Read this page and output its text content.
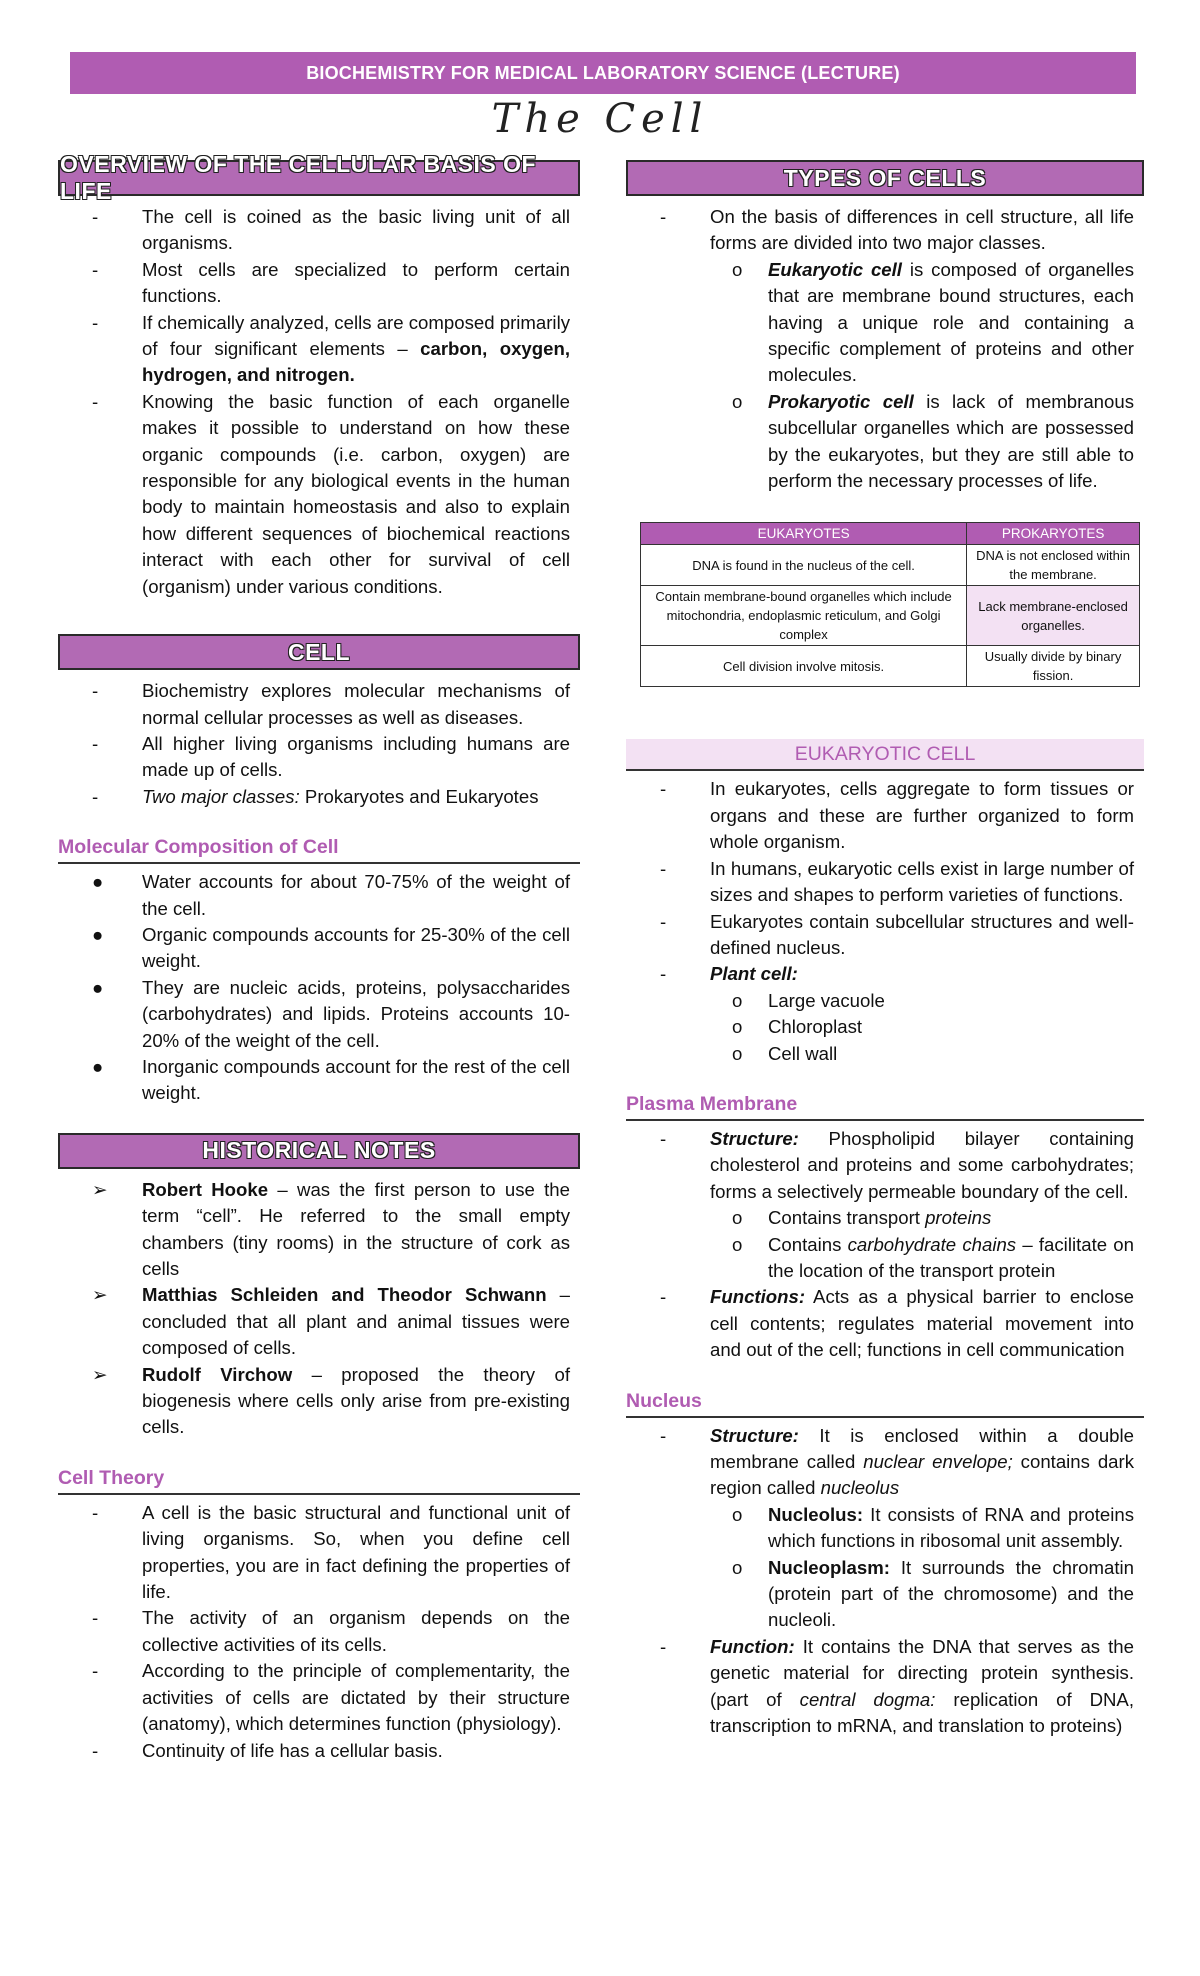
BIOCHEMISTRY FOR MEDICAL LABORATORY SCIENCE (LECTURE)
The Cell
OVERVIEW OF THE CELLULAR BASIS OF LIFE
- The cell is coined as the basic living unit of all organisms.
- Most cells are specialized to perform certain functions.
- If chemically analyzed, cells are composed primarily of four significant elements – carbon, oxygen, hydrogen, and nitrogen.
- Knowing the basic function of each organelle makes it possible to understand on how these organic compounds (i.e. carbon, oxygen) are responsible for any biological events in the human body to maintain homeostasis and also to explain how different sequences of biochemical reactions interact with each other for survival of cell (organism) under various conditions.
CELL
- Biochemistry explores molecular mechanisms of normal cellular processes as well as diseases.
- All higher living organisms including humans are made up of cells.
- Two major classes: Prokaryotes and Eukaryotes
Molecular Composition of Cell
● Water accounts for about 70-75% of the weight of the cell.
● Organic compounds accounts for 25-30% of the cell weight.
● They are nucleic acids, proteins, polysaccharides (carbohydrates) and lipids. Proteins accounts 10-20% of the weight of the cell.
● Inorganic compounds account for the rest of the cell weight.
HISTORICAL NOTES
➢ Robert Hooke – was the first person to use the term “cell”. He referred to the small empty chambers (tiny rooms) in the structure of cork as cells
➢ Matthias Schleiden and Theodor Schwann – concluded that all plant and animal tissues were composed of cells.
➢ Rudolf Virchow – proposed the theory of biogenesis where cells only arise from pre-existing cells.
Cell Theory
- A cell is the basic structural and functional unit of living organisms. So, when you define cell properties, you are in fact defining the properties of life.
- The activity of an organism depends on the collective activities of its cells.
- According to the principle of complementarity, the activities of cells are dictated by their structure (anatomy), which determines function (physiology).
- Continuity of life has a cellular basis.
TYPES OF CELLS
- On the basis of differences in cell structure, all life forms are divided into two major classes.
o Eukaryotic cell is composed of organelles that are membrane bound structures, each having a unique role and containing a specific complement of proteins and other molecules.
o Prokaryotic cell is lack of membranous subcellular organelles which are possessed by the eukaryotes, but they are still able to perform the necessary processes of life.
EUKARYOTES	PROKARYOTES
DNA is found in the nucleus of the cell.	DNA is not enclosed within the membrane.
Contain membrane-bound organelles which include mitochondria, endoplasmic reticulum, and Golgi complex	Lack membrane-enclosed organelles.
Cell division involve mitosis.	Usually divide by binary fission.
EUKARYOTIC CELL
- In eukaryotes, cells aggregate to form tissues or organs and these are further organized to form whole organism.
- In humans, eukaryotic cells exist in large number of sizes and shapes to perform varieties of functions.
- Eukaryotes contain subcellular structures and well-defined nucleus.
- Plant cell:
o Large vacuole
o Chloroplast
o Cell wall
Plasma Membrane
- Structure: Phospholipid bilayer containing cholesterol and proteins and some carbohydrates; forms a selectively permeable boundary of the cell.
o Contains transport proteins
o Contains carbohydrate chains – facilitate on the location of the transport protein
- Functions: Acts as a physical barrier to enclose cell contents; regulates material movement into and out of the cell; functions in cell communication
Nucleus
- Structure: It is enclosed within a double membrane called nuclear envelope; contains dark region called nucleolus
o Nucleolus: It consists of RNA and proteins which functions in ribosomal unit assembly.
o Nucleoplasm: It surrounds the chromatin (protein part of the chromosome) and the nucleoli.
- Function: It contains the DNA that serves as the genetic material for directing protein synthesis. (part of central dogma: replication of DNA, transcription to mRNA, and translation to proteins)
